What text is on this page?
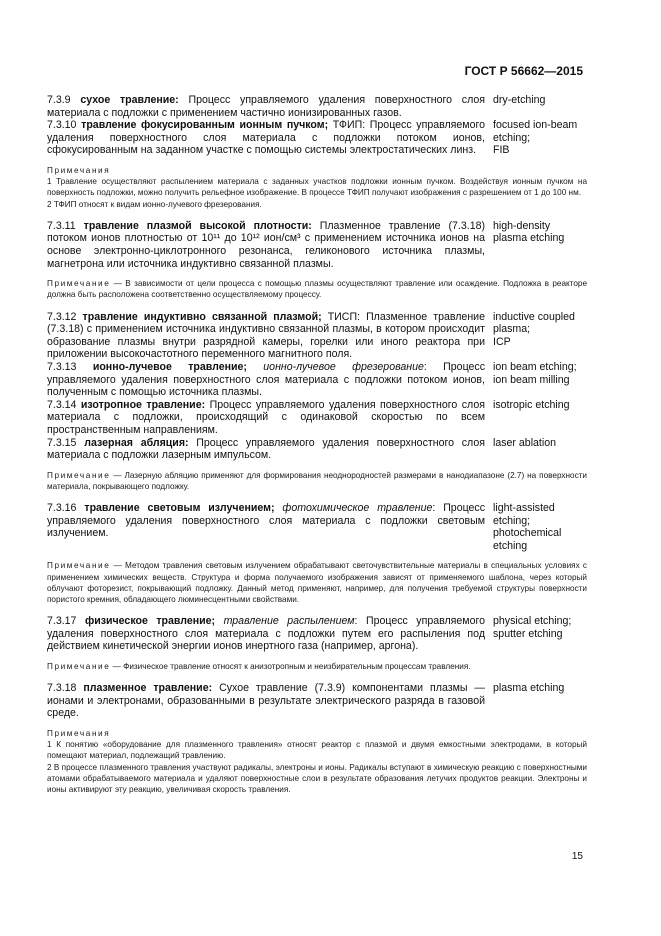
ГОСТ Р 56662—2015
7.3.9 сухое травление: Процесс управляемого удаления поверхностного слоя материала с подложки с применением частично ионизированных газов.
dry-etching
7.3.10 травление фокусированным ионным пучком; ТФИП: Процесс управляемого удаления поверхностного слоя материала с подложки потоком ионов, сфокусированным на заданном участке с помощью системы электростатических линз.
focused ion-beam
etching;
FIB
Примечания
1 Травление осуществляют распылением материала с заданных участков подложки ионным пучком. Воздействуя ионным пучком на поверхность подложки, можно получить рельефное изображение. В процессе ТФИП получают изображения с разрешением от 1 до 100 нм.
2 ТФИП относят к видам ионно-лучевого фрезерования.
7.3.11 травление плазмой высокой плотности: Плазменное травление (7.3.18) потоком ионов плотностью от 10¹¹ до 10¹² ион/см³ с применением источника ионов на основе электронно-циклотронного резонанса, геликонового источника плазмы, магнетрона или источника индуктивно связанной плазмы.
high-density
plasma etching
Примечание — В зависимости от цели процесса с помощью плазмы осуществляют травление или осаждение. Подложка в реакторе должна быть расположена соответственно осуществляемому процессу.
7.3.12 травление индуктивно связанной плазмой; ТИСП: Плазменное травление (7.3.18) с применением источника индуктивно связанной плазмы, в котором происходит образование плазмы внутри разрядной камеры, горелки или иного реактора при приложении высокочастотного переменного магнитного поля.
inductive coupled
plasma;
ICP
7.3.13 ионно-лучевое травление; ионно-лучевое фрезерование: Процесс управляемого удаления поверхностного слоя материала с подложки потоком ионов, полученным с помощью источника плазмы.
ion beam etching;
ion beam milling
7.3.14 изотропное травление: Процесс управляемого удаления поверхностного слоя материала с подложки, происходящий с одинаковой скоростью по всем пространственным направлениям.
isotropic etching
7.3.15 лазерная абляция: Процесс управляемого удаления поверхностного слоя материала с подложки лазерным импульсом.
laser ablation
Примечание — Лазерную абляцию применяют для формирования неоднородностей размерами в нанодиапазоне (2.7) на поверхности материала, покрывающего подложку.
7.3.16 травление световым излучением; фотохимическое травление: Процесс управляемого удаления поверхностного слоя материала с подложки световым излучением.
light-assisted
etching;
photochemical
etching
Примечание — Методом травления световым излучением обрабатывают светочувствительные материалы в специальных условиях с применением химических веществ. Структура и форма получаемого изображения зависят от применяемого шаблона, через который облучают фоторезист, покрывающий подложку. Данный метод применяют, например, для получения требуемой структуры поверхности пористого кремния, обладающего люминесцентными свойствами.
7.3.17 физическое травление; травление распылением: Процесс управляемого удаления поверхностного слоя материала с подложки путем его распыления под действием кинетической энергии ионов инертного газа (например, аргона).
physical etching;
sputter etching
Примечание — Физическое травление относят к анизотропным и неизбирательным процессам травления.
7.3.18 плазменное травление: Сухое травление (7.3.9) компонентами плазмы — ионами и электронами, образованными в результате электрического разряда в газовой среде.
plasma etching
Примечания
1 К понятию «оборудование для плазменного травления» относят реактор с плазмой и двумя емкостными электродами, в который помещают материал, подлежащий травлению.
2 В процессе плазменного травления участвуют радикалы, электроны и ионы. Радикалы вступают в химическую реакцию с поверхностными атомами обрабатываемого материала и удаляют поверхностные слои в результате образования летучих продуктов реакции. Электроны и ионы активируют эту реакцию, увеличивая скорость травления.
15
